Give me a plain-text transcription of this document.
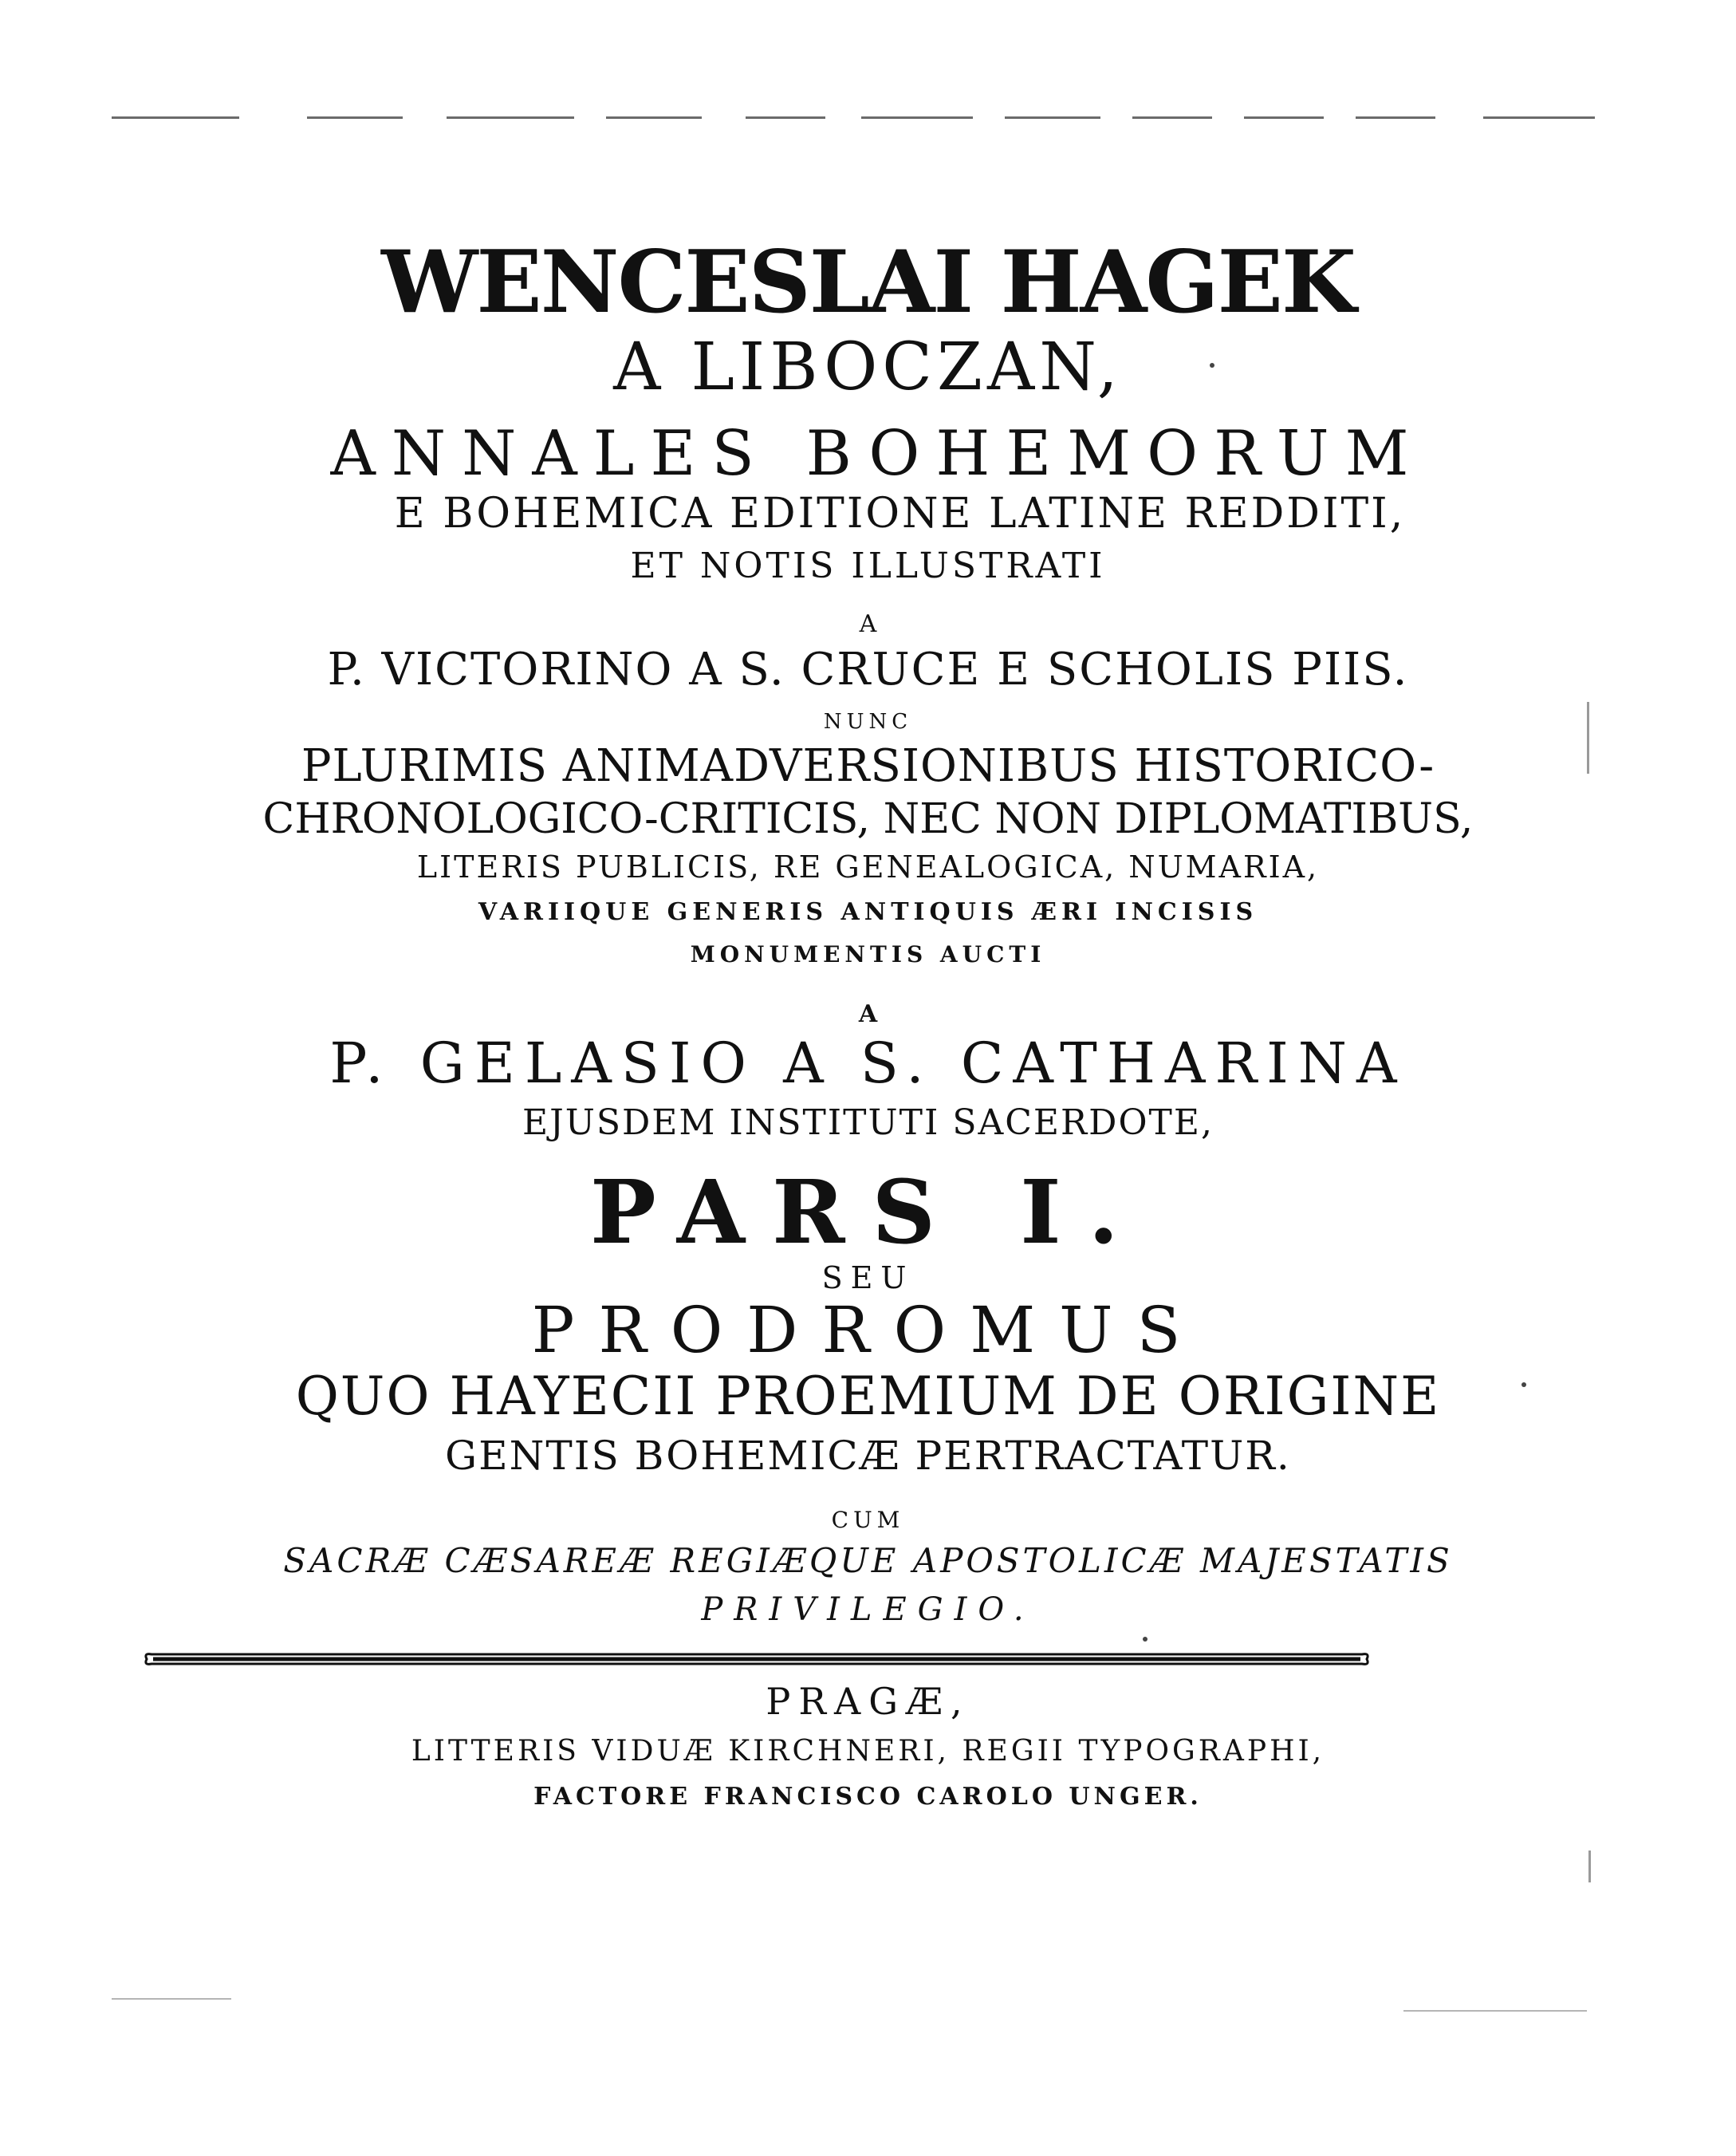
WENCESLAI HAGEK
A LIBOCZAN,
ANNALES BOHEMORUM
E BOHEMICA EDITIONE LATINE REDDITI,
ET NOTIS ILLUSTRATI
A
P. VICTORINO A S. CRUCE E SCHOLIS PIIS.
NUNC
PLURIMIS ANIMADVERSIONIBUS HISTORICO-
CHRONOLOGICO-CRITICIS, NEC NON DIPLOMATIBUS,
LITERIS PUBLICIS, RE GENEALOGICA, NUMARIA,
VARIIQUE GENERIS ANTIQUIS ÆRI INCISIS
MONUMENTIS AUCTI
A
P. GELASIO A S. CATHARINA
EJUSDEM INSTITUTI SACERDOTE,
PARS I.
SEU
PRODROMUS
QUO HAYECII PROEMIUM DE ORIGINE
GENTIS BOHEMICÆ PERTRACTATUR.
CUM
SACRÆ CÆSAREÆ REGIÆQUE APOSTOLICÆ MAJESTATIS
PRIVILEGIO.
PRAGÆ,
LITTERIS VIDUÆ KIRCHNERI, REGII TYPOGRAPHI,
FACTORE FRANCISCO CAROLO UNGER.
